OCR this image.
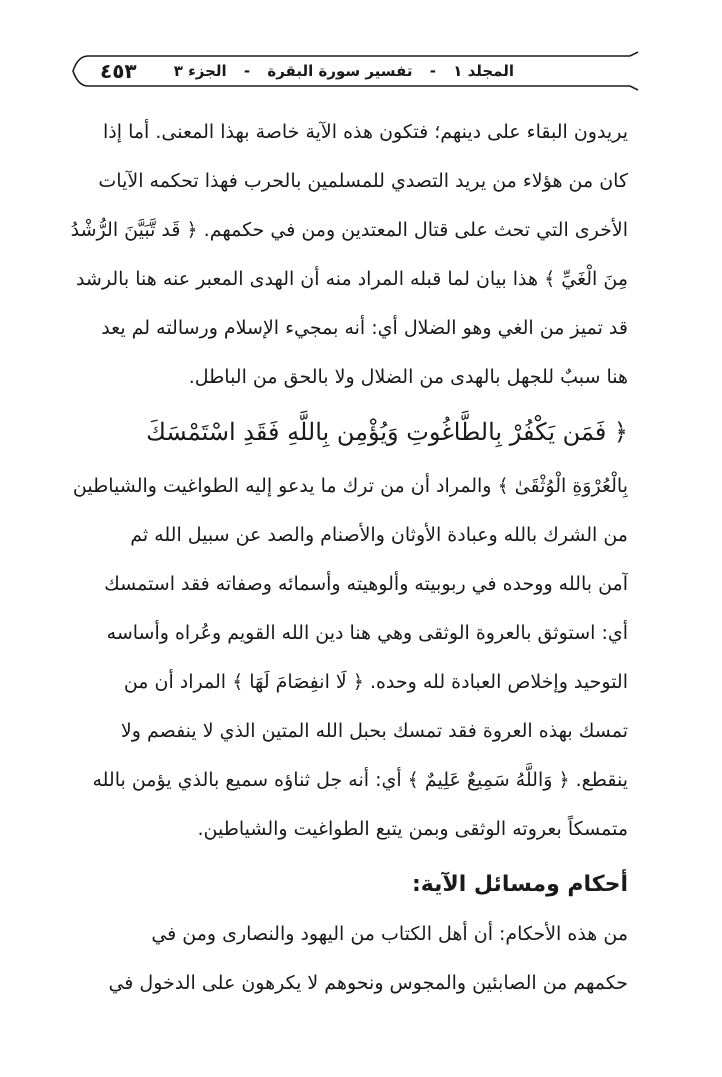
المجلد ١ - تفسير سورة البقرة - الجزء ٣
٤٥٣
يريدون البقاء على دينهم؛ فتكون هذه الآية خاصة بهذا المعنى. أما إذا
كان من هؤلاء من يريد التصدي للمسلمين بالحرب فهذا تحكمه الآيات
الأخرى التي تحث على قتال المعتدين ومن في حكمهم. ﴿ قَد تَّبَيَّنَ الرُّشْدُ
مِنَ الْغَيِّ ﴾ هذا بيان لما قبله المراد منه أن الهدى المعبر عنه هنا بالرشد
قد تميز من الغي وهو الضلال أي: أنه بمجيء الإسلام ورسالته لم يعد
هنا سببٌ للجهل بالهدى من الضلال ولا بالحق من الباطل.
﴿ فَمَن يَكْفُرْ بِالطَّاغُوتِ وَيُؤْمِن بِاللَّهِ فَقَدِ اسْتَمْسَكَ
بِالْعُرْوَةِ الْوُثْقَىٰ ﴾ والمراد أن من ترك ما يدعو إليه الطواغيت والشياطين
من الشرك بالله وعبادة الأوثان والأصنام والصد عن سبيل الله ثم
آمن بالله ووحده في ربوبيته وألوهيته وأسمائه وصفاته فقد استمسك
أي: استوثق بالعروة الوثقى وهي هنا دين الله القويم وعُراه وأساسه
التوحيد وإخلاص العبادة لله وحده. ﴿ لَا انفِصَامَ لَهَا ﴾ المراد أن من
تمسك بهذه العروة فقد تمسك بحبل الله المتين الذي لا ينفصم ولا
ينقطع. ﴿ وَاللَّهُ سَمِيعٌ عَلِيمٌ ﴾ أي: أنه جل ثناؤه سميع بالذي يؤمن بالله
متمسكاً بعروته الوثقى وبمن يتبع الطواغيت والشياطين.
أحكام ومسائل الآية:
من هذه الأحكام: أن أهل الكتاب من اليهود والنصارى ومن في
حكمهم من الصابئين والمجوس ونحوهم لا يكرهون على الدخول في
